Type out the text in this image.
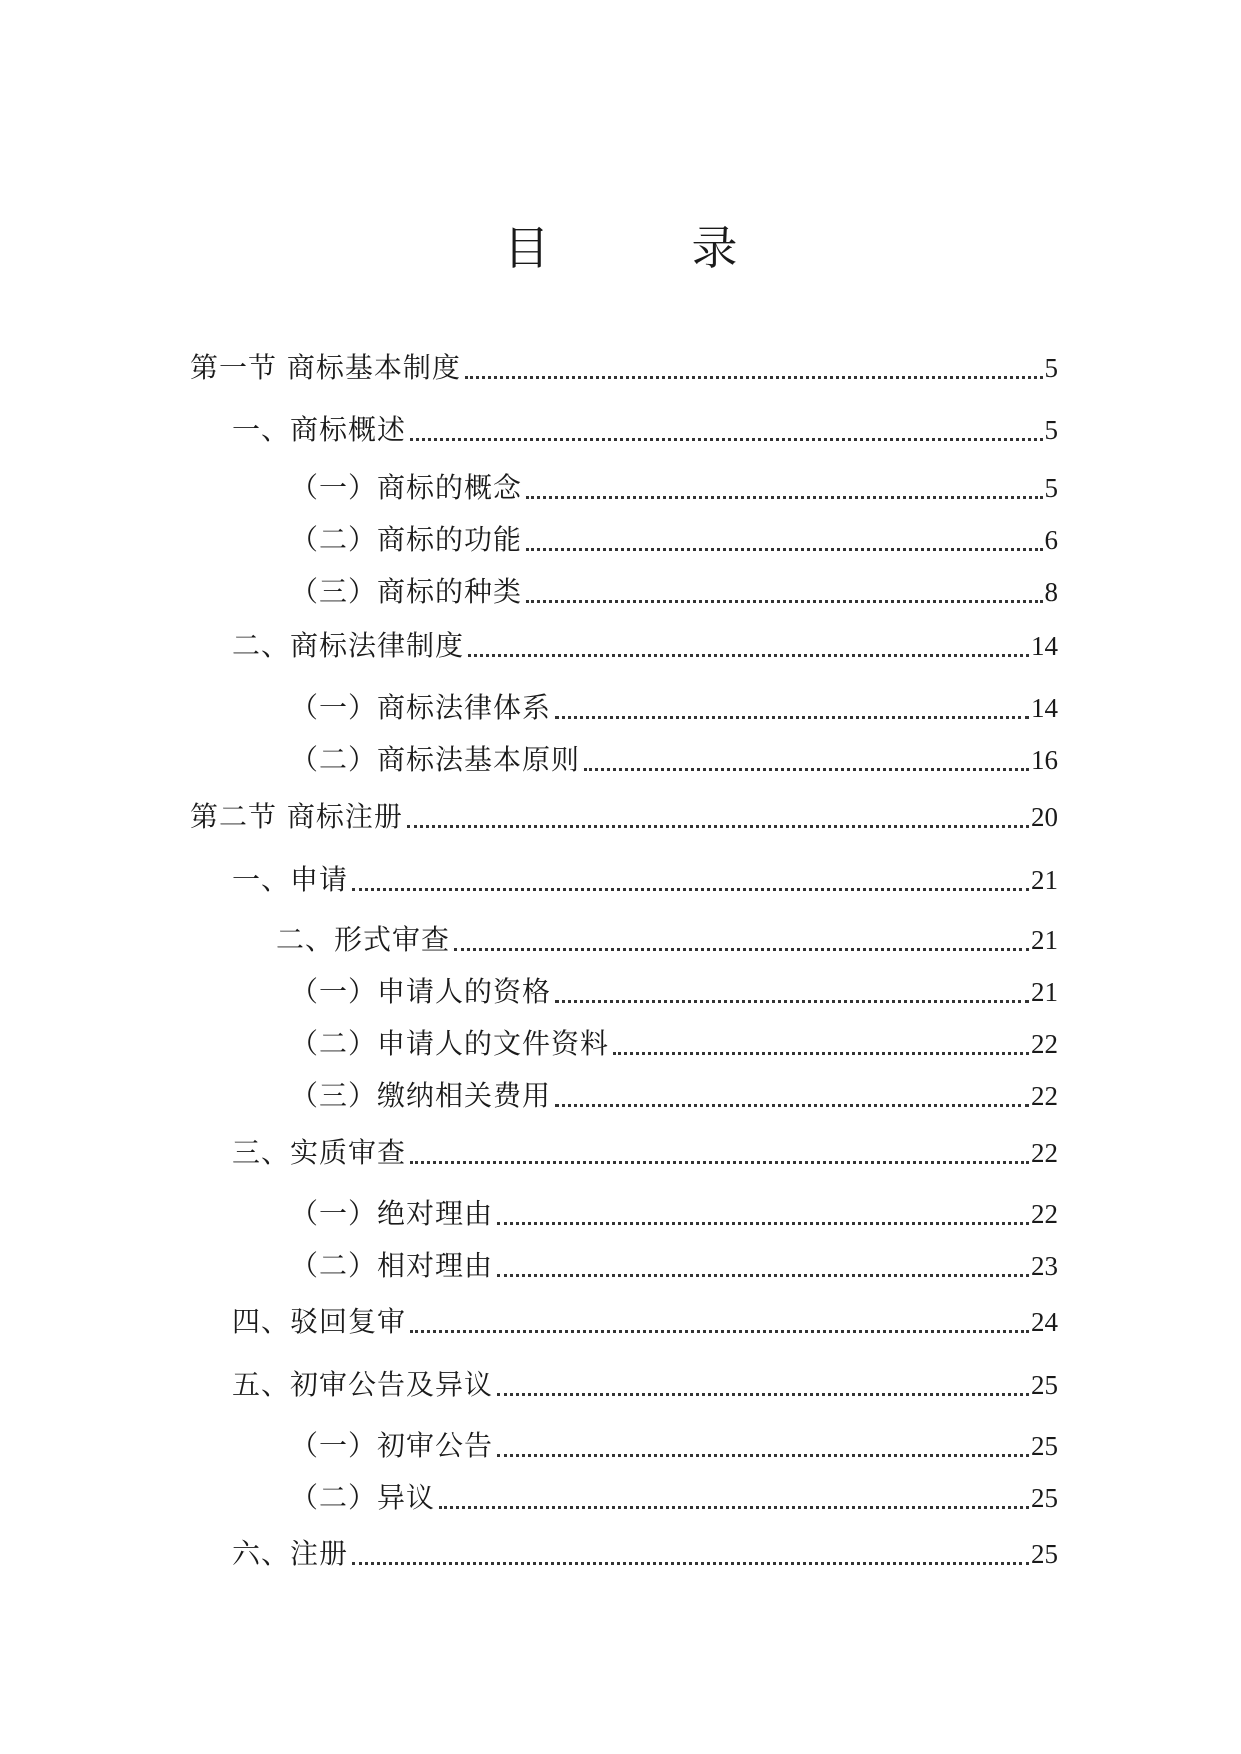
目　录
第一节 商标基本制度	5
一、商标概述	5
（一）商标的概念	5
（二）商标的功能	6
（三）商标的种类	8
二、商标法律制度	14
（一）商标法律体系	14
（二）商标法基本原则	16
第二节 商标注册	20
一、申请	21
二、形式审查	21
（一）申请人的资格	21
（二）申请人的文件资料	22
（三）缴纳相关费用	22
三、实质审查	22
（一）绝对理由	22
（二）相对理由	23
四、驳回复审	24
五、初审公告及异议	25
（一）初审公告	25
（二）异议	25
六、注册	25
